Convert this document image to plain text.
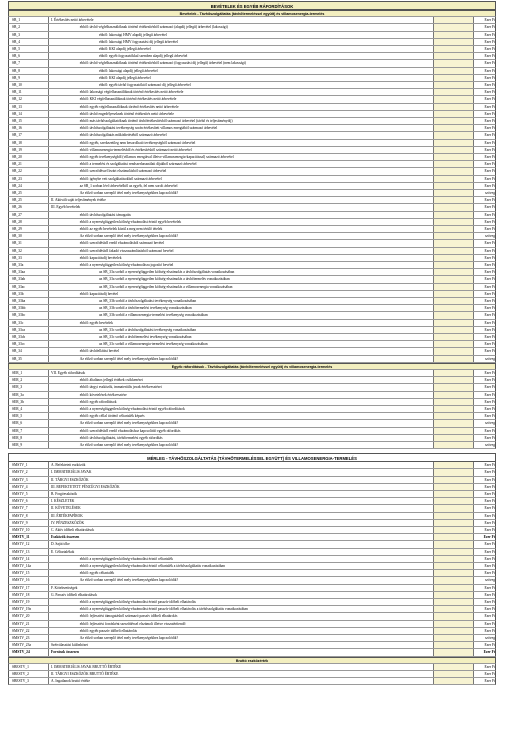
BEVÉTELEK ÉS EGYÉB RÁFORDÍTÁSOK
Bevételek - Távhőszolgáltatás (távhőtermeléssel együtt) és villamosenergia-termelés
SB_1	I. Értékesítés nettó árbevétele	Ezer Ft
SB_2	ebből: távhő végfelhasználóknak történő értékesítésből származó (alapdíj jellegű) árbevétel (lakossági)	Ezer Ft
SB_3	ebből: lakossági HMV alapdíj jellegű árbevétel	Ezer Ft
SB_4	ebből: lakossági HMV fogyasztási díj jellegű árbevétel	Ezer Ft
SB_5	ebből: KKI alapdíj jellegű árbevétel	Ezer Ft
SB_6	ebből: egyéb fogyasztókkal szemben alapdíj jellegű árbevétel	Ezer Ft
SB_7	ebből: távhő végfelhasználóknak történő értékesítésből származó (fogyasztási díj jellegű) árbevétel (nem lakossági)	Ezer Ft
SB_8	ebből: lakossági alapdíj jellegű árbevétel	Ezer Ft
SB_9	ebből: KKI alapdíj jellegű árbevétel	Ezer Ft
SB_10	ebből: egyéb távhő fogyasztóktól származó díj jellegű árbevétel	Ezer Ft
SB_11	ebből: lakossági végfelhasználóknak történő értékesítés nettó árbevétele	Ezer Ft
SB_12	ebből: KKI végfelhasználóknak történő értékesítés nettó árbevétele	Ezer Ft
SB_13	ebből: egyéb végfelhasználóknak történő értékesítés nettó árbevétele	Ezer Ft
SB_14	ebből: távhő engedélyeseknek történő értékesítés nettó árbevétele	Ezer Ft
SB_15	ebből: más távhőszolgáltatóknak történő távhőértékesítésből származó árbevétel (távhő és teljesítménydíj)	Ezer Ft
SB_16	ebből: távhőszolgáltatási tevékenység során értékesített villamos energiából származó árbevétel	Ezer Ft
SB_17	ebből: távhőszolgáltatás működtetéséből származó árbevétel	Ezer Ft
SB_18	ebből: egyéb, szerkezetileg nem besorolható tevékenységből származó árbevétel	Ezer Ft
SB_19	ebből: villamosenergia-termelésből és értékesítésből származó nettó árbevétel	Ezer Ft
SB_20	ebből: egyéb tevékenységből (villamos energiával illetve villamosenergia-kapacitással) származó árbevétel	Ezer Ft
SB_21	ebből: a termelési és szolgáltatási rendszerhasználati díjakból származó árbevétel	Ezer Ft
SB_22	ebből: szerződéssel lezárt elszámolásból származó árbevétel	Ezer Ft
SB_23	ebből: igénybe vett szolgáltatásokból származó árbevétel	Ezer Ft
SB_24	az SB_1 sorban lévő árbevételből az egyéb, fel nem sorolt árbevétel	Ezer Ft
SB_25	Az előző sorban szereplő tétel mely tevékenységekhez kapcsolódik?	szöveg
SB_25	II. Aktivált saját teljesítmények értéke	Ezer Ft
SB_26	III. Egyéb bevételek	Ezer Ft
SB_27	ebből: távhőszolgáltatási támogatás	Ezer Ft
SB_28	ebből: a nyereségfüggetlen költség-elszámolást érintő egyéb bevételek	Ezer Ft
SB_29	ebből: az egyéb bevételek közül a meg nem térülő tételek	Ezer Ft
SB_30	Az előző sorban szereplő tétel mely tevékenységekhez kapcsolódik?	szöveg
SB_31	ebből: szerződésből eredő elszámolásból származó bevétel	Ezer Ft
SB_32	ebből: szerződésből fakadó visszaszámlázásból származó bevétel	Ezer Ft
SB_33	ebből: kapacitásdíj bevételek	Ezer Ft
SB_33a	ebből: a nyereségfüggetlen költség-elszámolásra jogosító bevétel	Ezer Ft
SB_33aa	az SB_33a sorból a nyereségfüggetlen költség-elszámolás a távhőszolgáltatás vonatkozásában	Ezer Ft
SB_33ab	az SB_33a sorból a nyereségfüggetlen költség-elszámolás a távhőtermelés vonatkozásában	Ezer Ft
SB_33ac	az SB_33a sorból a nyereségfüggetlen költség-elszámolás a villamosenergia vonatkozásában	Ezer Ft
SB_33b	ebből: kapacitásdíj bevétel	Ezer Ft
SB_33ba	az SB_33b sorból a távhőszolgáltatási tevékenység vonatkozásában	Ezer Ft
SB_33bb	az SB_33b sorból a távhőtermelési tevékenység vonatkozásában	Ezer Ft
SB_33bc	az SB_33b sorból a villamosenergia-termelési tevékenység vonatkozásában	Ezer Ft
SB_33c	ebből: egyéb bevételek	Ezer Ft
SB_33ca	az SB_33c sorból a távhőszolgáltatási tevékenység vonatkozásában	Ezer Ft
SB_33cb	az SB_33c sorból a távhőtermelési tevékenység vonatkozásában	Ezer Ft
SB_33cc	az SB_33c sorból a villamosenergia-termelési tevékenység vonatkozásában	Ezer Ft
SB_34	ebből: távhőellátási bevétel	Ezer Ft
SB_35	Az előző sorban szereplő tétel mely tevékenységekhez kapcsolódik?	szöveg
Egyéb ráfordítások - Távhőszolgáltatás (távhőtermeléssel együtt) és villamosenergia-termelés
SER_1	VII. Egyéb ráfordítások	Ezer Ft
SER_2	ebből: általános jellegű értékek csökkenései	Ezer Ft
SER_3	ebből: tárgyi eszközök, immateriális javak értékvesztései	Ezer Ft
SER_3a	ebből: követelések értékvesztése	Ezer Ft
SER_3b	ebből: egyéb ráfordítások	Ezer Ft
SER_4	ebből: a nyereségfüggetlen költség-elszámolást érintő egyéb ráfordítások	Ezer Ft
SER_5	ebből: egyéb céllal történő céltartalék képzés	Ezer Ft
SER_6	Az előző sorban szereplő tétel mely tevékenységekhez kapcsolódik?	szöveg
SER_7	ebből: szerződésből eredő elszámoláshoz kapcsolódó egyéb ráfordítás	Ezer Ft
SER_8	ebből: távhőszolgáltatási, távhőtermelési egyéb ráfordítás	Ezer Ft
SER_9	Az előző sorban szereplő tétel mely tevékenységekhez kapcsolódik?	szöveg
MÉRLEG - TÁVHŐSZOLGÁLTATÁS (TÁVHŐTERMELÉSSEL EGYÜTT) ÉS VILLAMOSENERGIA-TERMELÉS
SMSTV_1	A. Befektetett eszközök	Ezer Ft
SMSTV_2	I. IMMATERIÁLIS JAVAK	Ezer Ft
SMSTV_3	II. TÁRGYI ESZKÖZÖK	Ezer Ft
SMSTV_4	III. BEFEKTETETT PÉNZÜGYI ESZKÖZÖK	Ezer Ft
SMSTV_5	B. Forgóeszközök	Ezer Ft
SMSTV_6	I. KÉSZLETEK	Ezer Ft
SMSTV_7	II. KÖVETELÉSEK	Ezer Ft
SMSTV_8	III. ÉRTÉKPAPÍROK	Ezer Ft
SMSTV_9	IV. PÉNZESZKÖZÖK	Ezer Ft
SMSTV_10	C. Aktív időbeli elhatárolások	Ezer Ft
SMSTV_11	Eszközök összesen	Ezer Ft
SMSTV_12	D. Saját tőke	Ezer Ft
SMSTV_13	E. Céltartalékok	Ezer Ft
SMSTV_14	ebből: a nyereségfüggetlen költség-elszámolást érintő céltartalék	Ezer Ft
SMSTV_14a	ebből: a nyereségfüggetlen költség-elszámolást érintő céltartalék a távhőszolgáltatás vonatkozásában	Ezer Ft
SMSTV_15	ebből: egyéb céltartalék	Ezer Ft
SMSTV_16	Az előző sorban szereplő tétel mely tevékenységekhez kapcsolódik?	szöveg
SMSTV_17	F. Kötelezettségek	Ezer Ft
SMSTV_18	G. Passzív időbeli elhatárolások	Ezer Ft
SMSTV_19	ebből: a nyereségfüggetlen költség-elszámolást érintő passzív időbeli elhatárolás	Ezer Ft
SMSTV_19a	ebből: a nyereségfüggetlen költség-elszámolást érintő passzív időbeli elhatárolás a távhőszolgáltatás vonatkozásában	Ezer Ft
SMSTV_20	ebből: fejlesztési támogatásból származó passzív időbeli elhatárolás	Ezer Ft
SMSTV_21	ebből: fejlesztési forrásként szerződéssel elszámolt illetve visszatérítendő	Ezer Ft
SMSTV_22	ebből: egyéb passzív időbeli elhatárolás	Ezer Ft
SMSTV_23	Az előző sorban szereplő tétel mely tevékenységekhez kapcsolódik?	szöveg
SMSTV_23a	Szétválasztási különbözet	Ezer Ft
SMSTV_24	Források összesen	Ezer Ft
Bruttó eszközérték
SBESTV_1	I. IMMATERIÁLIS JAVAK BRUTTÓ ÉRTÉKE	Ezer Ft
SBESTV_2	II. TÁRGYI ESZKÖZÖK BRUTTÓ ÉRTÉKE	Ezer Ft
SBESTV_3	A. Ingatlanok bruttó értéke	Ezer Ft
